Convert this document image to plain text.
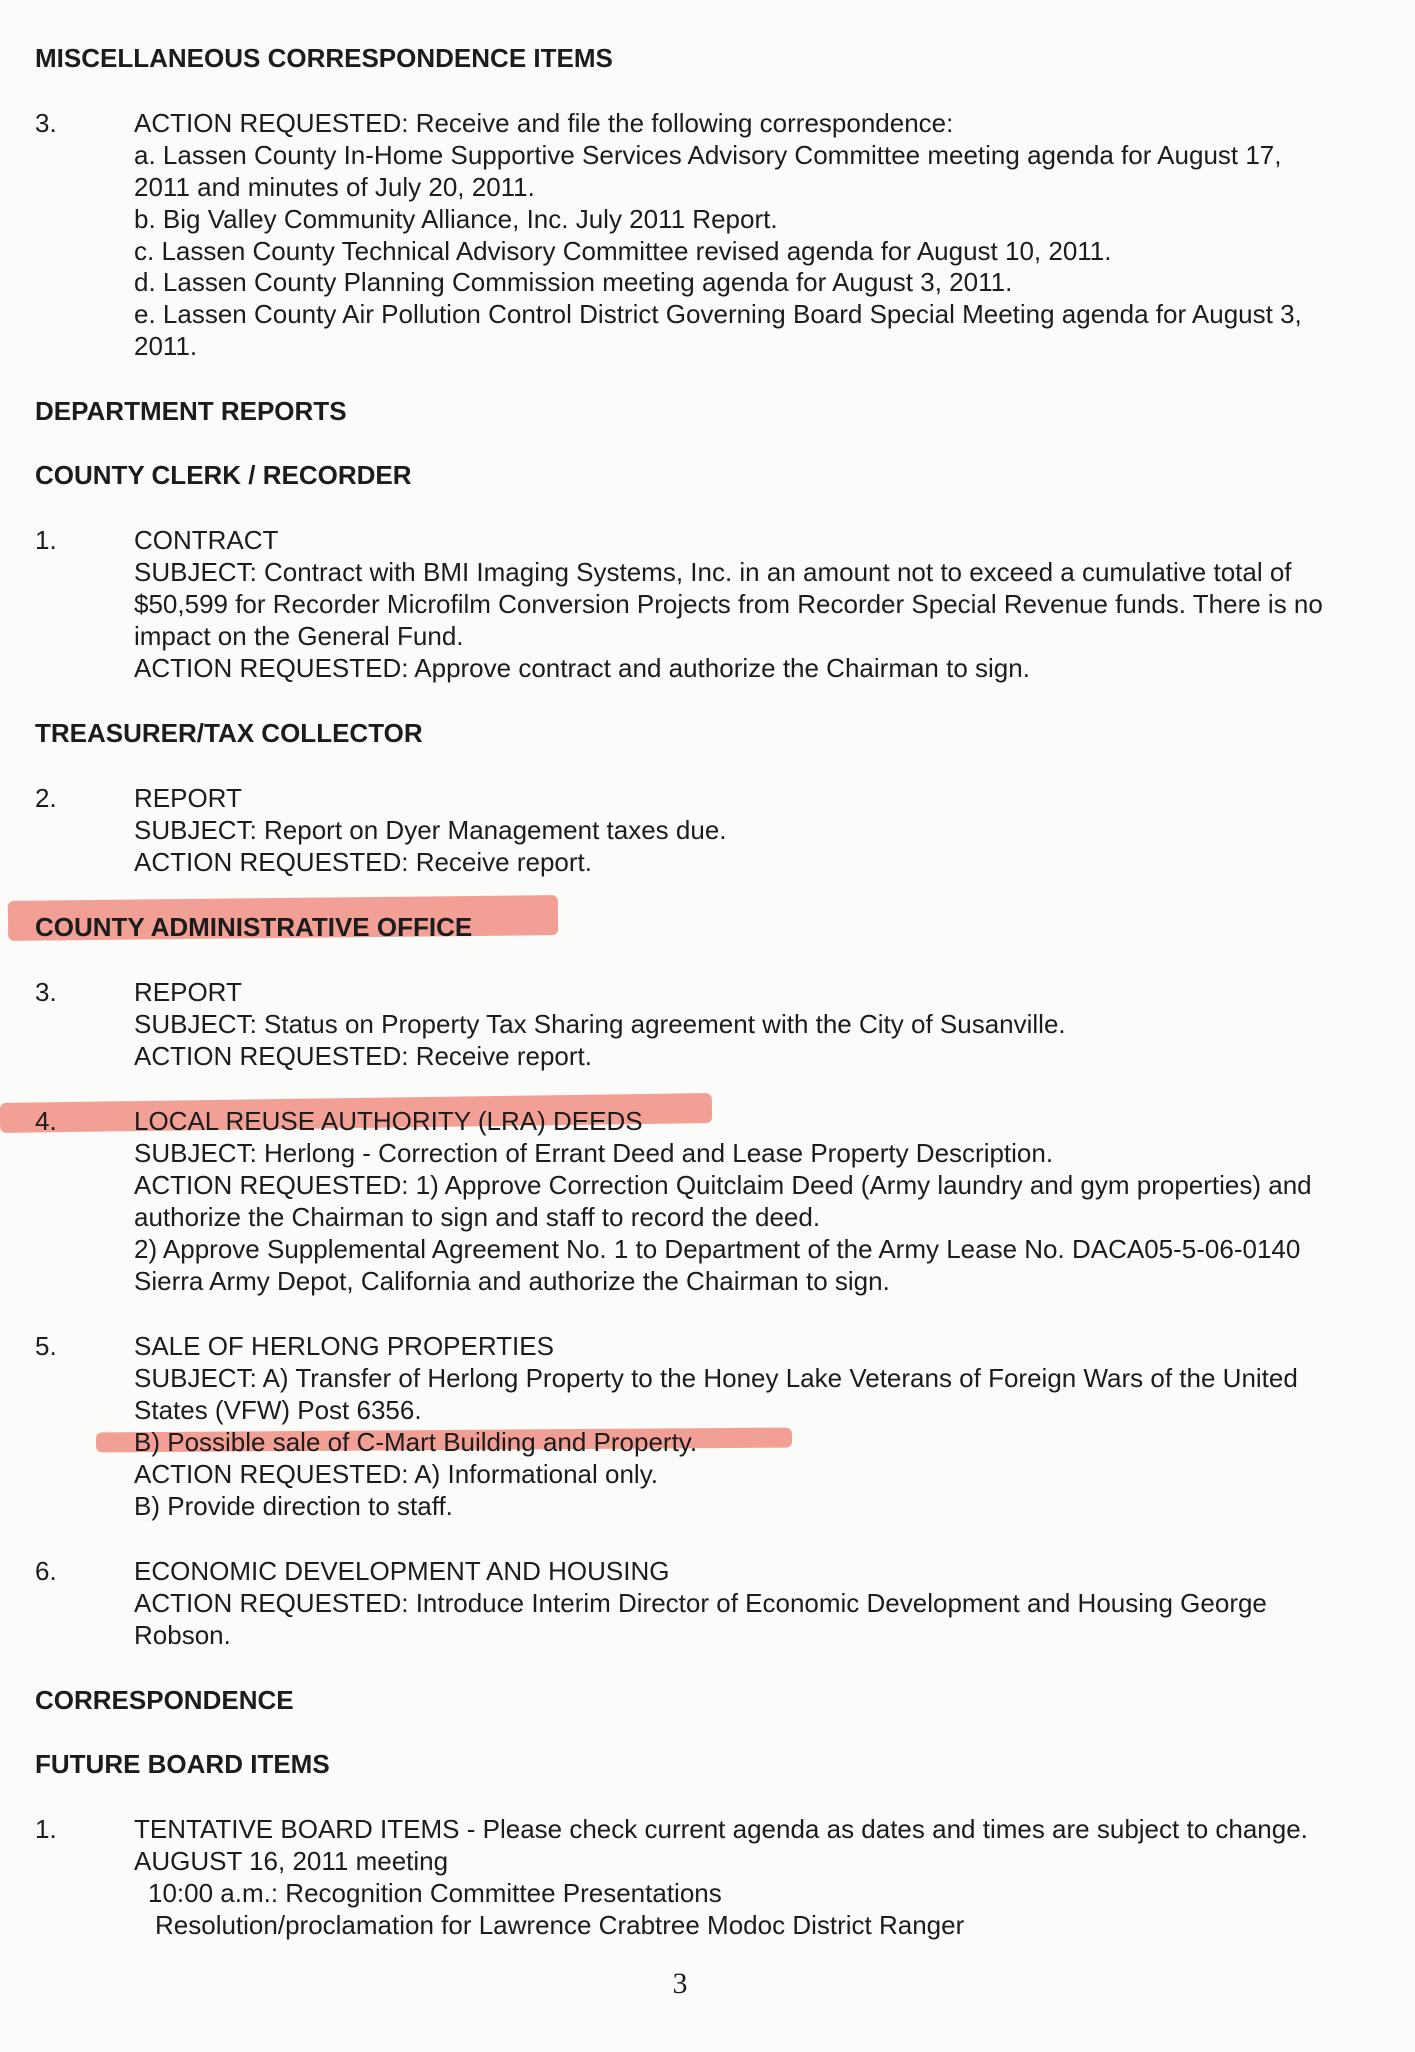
MISCELLANEOUS CORRESPONDENCE ITEMS
3.	ACTION REQUESTED: Receive and file the following correspondence:
a. Lassen County In-Home Supportive Services Advisory Committee meeting agenda for August 17,
2011 and minutes of July 20, 2011.
b. Big Valley Community Alliance, Inc. July 2011 Report.
c. Lassen County Technical Advisory Committee revised agenda for August 10, 2011.
d. Lassen County Planning Commission meeting agenda for August 3, 2011.
e. Lassen County Air Pollution Control District Governing Board Special Meeting agenda for August 3,
2011.
DEPARTMENT REPORTS
COUNTY CLERK / RECORDER
1.	CONTRACT
SUBJECT: Contract with BMI Imaging Systems, Inc. in an amount not to exceed a cumulative total of
$50,599 for Recorder Microfilm Conversion Projects from Recorder Special Revenue funds. There is no
impact on the General Fund.
ACTION REQUESTED: Approve contract and authorize the Chairman to sign.
TREASURER/TAX COLLECTOR
2.	REPORT
SUBJECT: Report on Dyer Management taxes due.
ACTION REQUESTED: Receive report.
COUNTY ADMINISTRATIVE OFFICE
3.	REPORT
SUBJECT: Status on Property Tax Sharing agreement with the City of Susanville.
ACTION REQUESTED: Receive report.
4.	LOCAL REUSE AUTHORITY (LRA) DEEDS
SUBJECT: Herlong - Correction of Errant Deed and Lease Property Description.
ACTION REQUESTED: 1) Approve Correction Quitclaim Deed (Army laundry and gym properties) and
authorize the Chairman to sign and staff to record the deed.
2) Approve Supplemental Agreement No. 1 to Department of the Army Lease No. DACA05-5-06-0140
Sierra Army Depot, California and authorize the Chairman to sign.
5.	SALE OF HERLONG PROPERTIES
SUBJECT: A) Transfer of Herlong Property to the Honey Lake Veterans of Foreign Wars of the United
States (VFW) Post 6356.
B) Possible sale of C-Mart Building and Property.
ACTION REQUESTED: A) Informational only.
B) Provide direction to staff.
6.	ECONOMIC DEVELOPMENT AND HOUSING
ACTION REQUESTED: Introduce Interim Director of Economic Development and Housing George
Robson.
CORRESPONDENCE
FUTURE BOARD ITEMS
1.	TENTATIVE BOARD ITEMS - Please check current agenda as dates and times are subject to change.
AUGUST 16, 2011 meeting
10:00 a.m.: Recognition Committee Presentations
Resolution/proclamation for Lawrence Crabtree Modoc District Ranger
3
